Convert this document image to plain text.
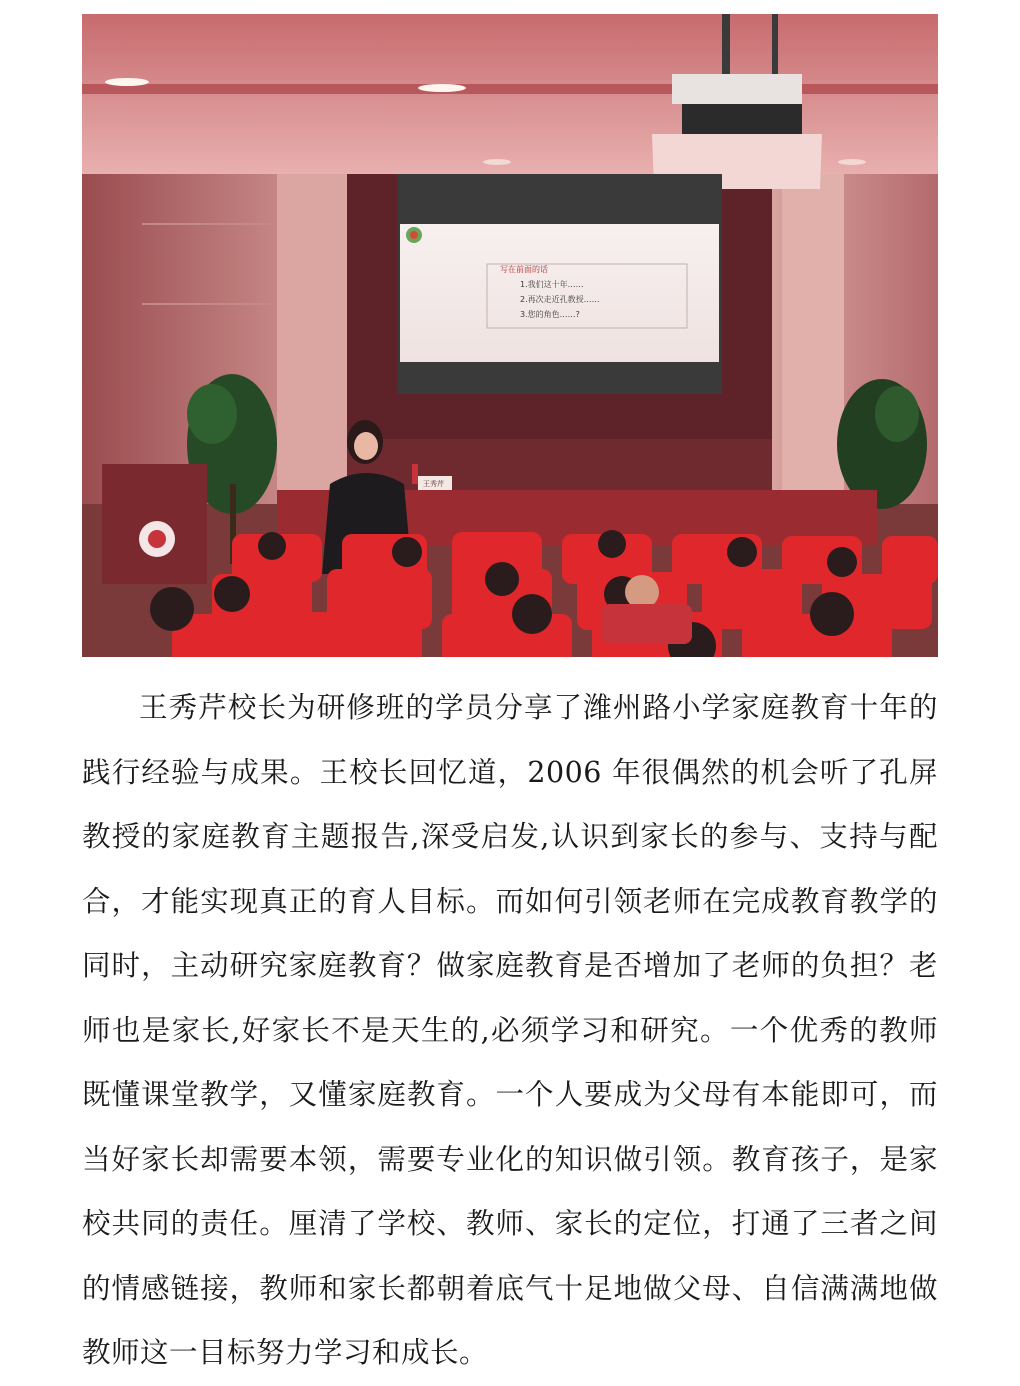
写在前面的话
1.我们这十年……
2.再次走近孔教授……
3.您的角色……?
王秀芹

王秀芹校长为研修班的学员分享了潍州路小学家庭教育十年的践行经验与成果。王校长回忆道，2006 年很偶然的机会听了孔屏教授的家庭教育主题报告,深受启发,认识到家长的参与、支持与配合，才能实现真正的育人目标。而如何引领老师在完成教育教学的同时，主动研究家庭教育？做家庭教育是否增加了老师的负担？老师也是家长,好家长不是天生的,必须学习和研究。一个优秀的教师既懂课堂教学，又懂家庭教育。一个人要成为父母有本能即可，而当好家长却需要本领，需要专业化的知识做引领。教育孩子，是家校共同的责任。厘清了学校、教师、家长的定位，打通了三者之间的情感链接，教师和家长都朝着底气十足地做父母、自信满满地做教师这一目标努力学习和成长。
